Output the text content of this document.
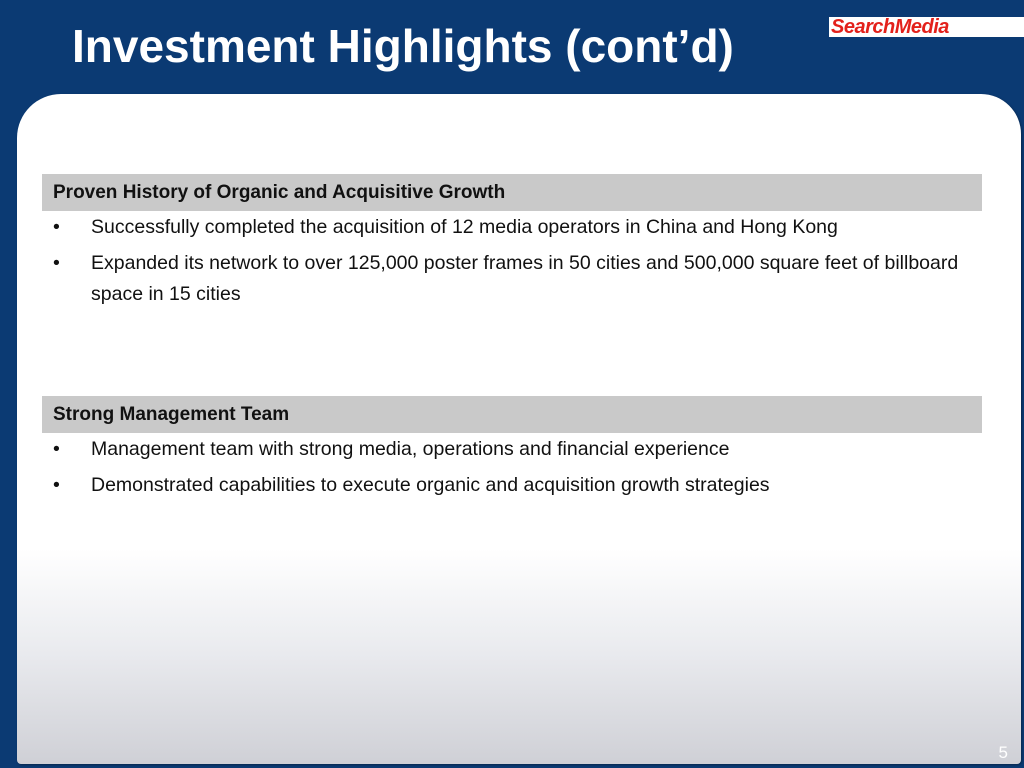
Investment Highlights (cont’d)	SearchMedia
Proven History of Organic and Acquisitive Growth
• Successfully completed the acquisition of 12 media operators in China and Hong Kong
• Expanded its network to over 125,000 poster frames in 50 cities and 500,000 square feet of billboard space in 15 cities
Strong Management Team
• Management team with strong media, operations and financial experience
• Demonstrated capabilities to execute organic and acquisition growth strategies
5
